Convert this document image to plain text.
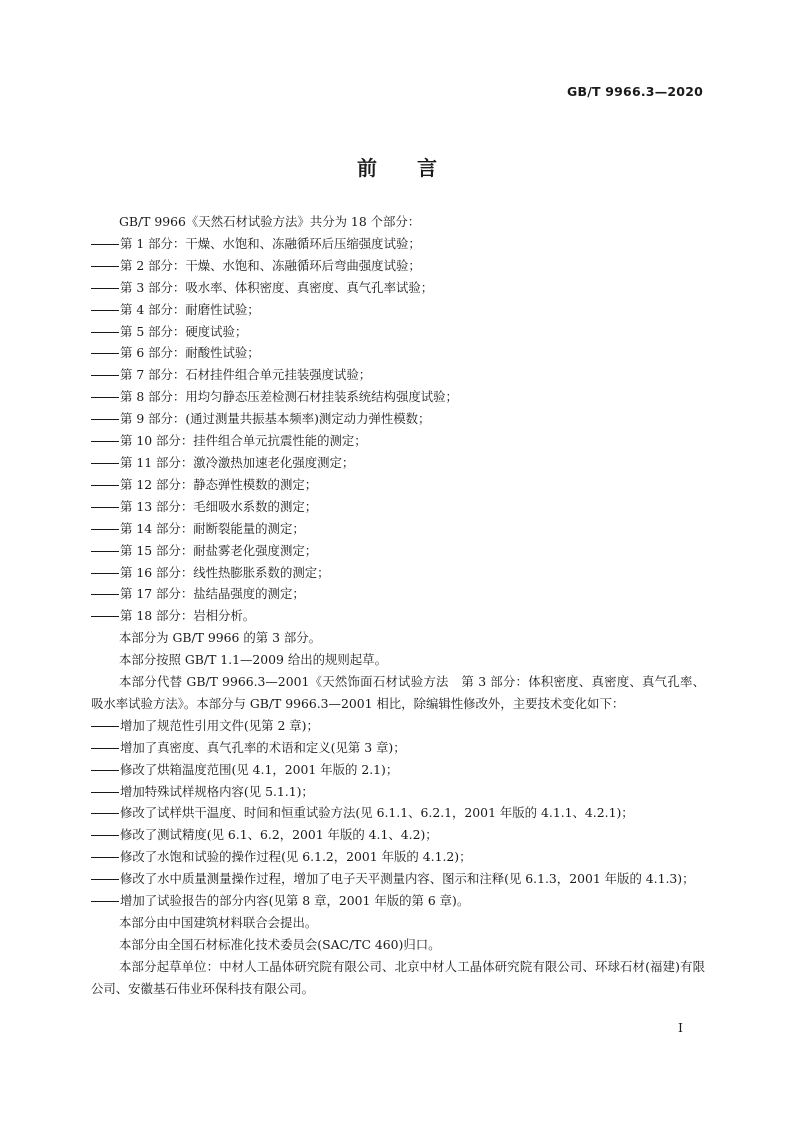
GB/T 9966.3—2020
前言

GB/T 9966《天然石材试验方法》共分为 18 个部分：

第 1 部分：干燥、水饱和、冻融循环后压缩强度试验；

第 2 部分：干燥、水饱和、冻融循环后弯曲强度试验；

第 3 部分：吸水率、体积密度、真密度、真气孔率试验；

第 4 部分：耐磨性试验；

第 5 部分：硬度试验；

第 6 部分：耐酸性试验；

第 7 部分：石材挂件组合单元挂装强度试验；

第 8 部分：用均匀静态压差检测石材挂装系统结构强度试验；

第 9 部分：(通过测量共振基本频率)测定动力弹性模数；

第 10 部分：挂件组合单元抗震性能的测定；

第 11 部分：激冷激热加速老化强度测定；

第 12 部分：静态弹性模数的测定；

第 13 部分：毛细吸水系数的测定；

第 14 部分：耐断裂能量的测定；

第 15 部分：耐盐雾老化强度测定；

第 16 部分：线性热膨胀系数的测定；

第 17 部分：盐结晶强度的测定；

第 18 部分：岩相分析。

本部分为 GB/T 9966 的第 3 部分。

本部分按照 GB/T 1.1—2009 给出的规则起草。

本部分代替 GB/T 9966.3—2001《天然饰面石材试验方法　第 3 部分：体积密度、真密度、真气孔率、吸水率试验方法》。本部分与 GB/T 9966.3—2001 相比，除编辑性修改外，主要技术变化如下：

增加了规范性引用文件(见第 2 章)；

增加了真密度、真气孔率的术语和定义(见第 3 章)；

修改了烘箱温度范围(见 4.1，2001 年版的 2.1)；

增加特殊试样规格内容(见 5.1.1)；

修改了试样烘干温度、时间和恒重试验方法(见 6.1.1、6.2.1，2001 年版的 4.1.1、4.2.1)；

修改了测试精度(见 6.1、6.2，2001 年版的 4.1、4.2)；

修改了水饱和试验的操作过程(见 6.1.2，2001 年版的 4.1.2)；

修改了水中质量测量操作过程，增加了电子天平测量内容、图示和注释(见 6.1.3，2001 年版的 4.1.3)；

增加了试验报告的部分内容(见第 8 章，2001 年版的第 6 章)。

本部分由中国建筑材料联合会提出。

本部分由全国石材标准化技术委员会(SAC/TC 460)归口。

本部分起草单位：中材人工晶体研究院有限公司、北京中材人工晶体研究院有限公司、环球石材(福建)有限公司、安徽基石伟业环保科技有限公司。

I
